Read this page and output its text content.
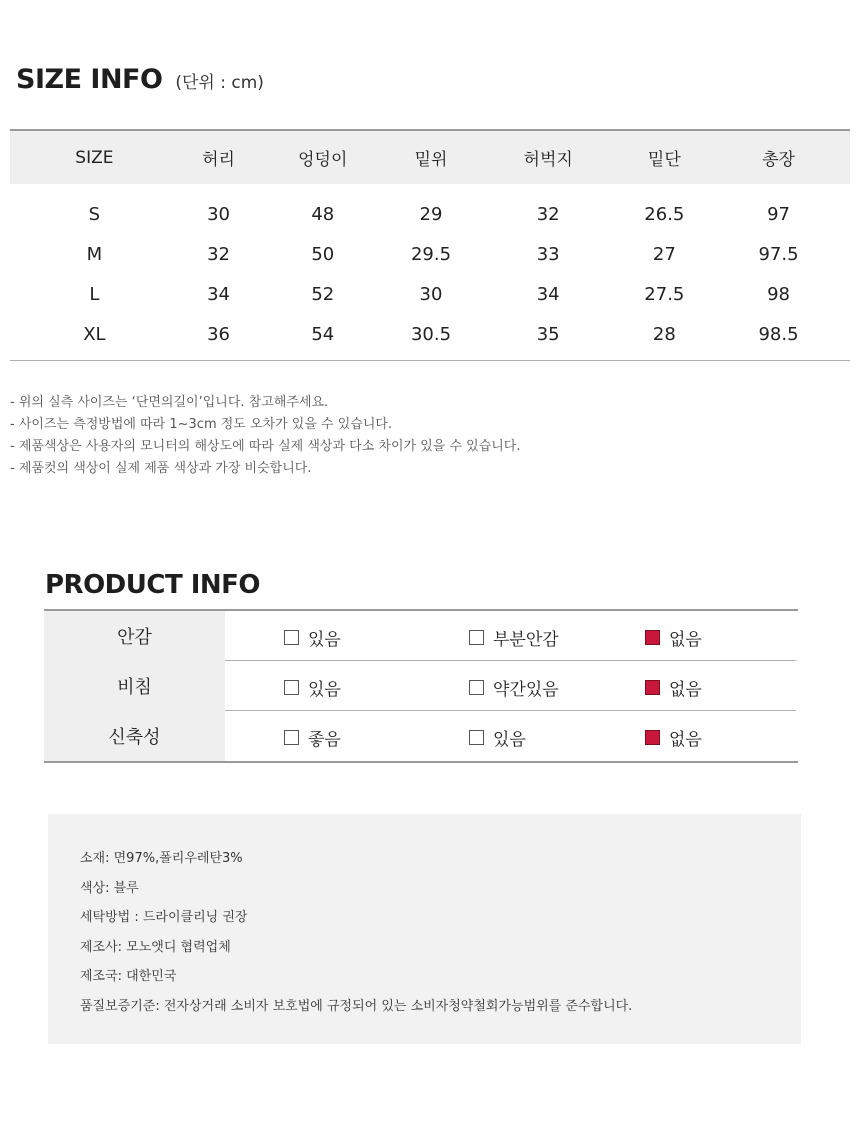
SIZE INFO (단위 : cm)
SIZE	허리	엉덩이	밑위	허벅지	밑단	총장
S	30	48	29	32	26.5	97
M	32	50	29.5	33	27	97.5
L	34	52	30	34	27.5	98
XL	36	54	30.5	35	28	98.5
- 위의 실측 사이즈는 ‘단면의길이’입니다. 참고해주세요.
- 사이즈는 측정방법에 따라 1~3cm 정도 오차가 있을 수 있습니다.
- 제품색상은 사용자의 모니터의 해상도에 따라 실제 색상과 다소 차이가 있을 수 있습니다.
- 제품컷의 색상이 실제 제품 색상과 가장 비슷합니다.
PRODUCT INFO
안감	있음	부분안감	없음
비침	있음	약간있음	없음
신축성	좋음	있음	없음
소재: 면97%,폴리우레탄3%
색상: 블루
세탁방법 : 드라이클리닝 권장
제조사: 모노앳디 협력업체
제조국: 대한민국
품질보증기준: 전자상거래 소비자 보호법에 규정되어 있는 소비자청약철회가능범위를 준수합니다.
